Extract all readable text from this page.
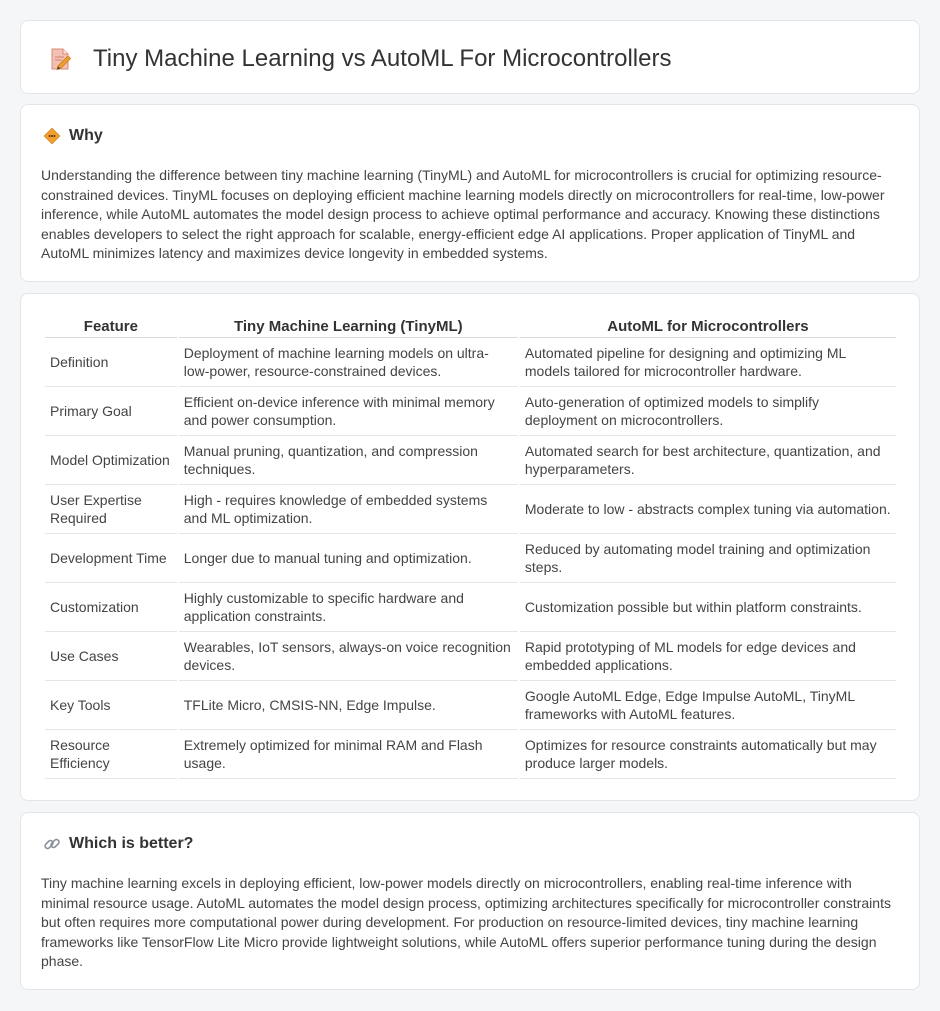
Tiny Machine Learning vs AutoML For Microcontrollers
Why

Understanding the difference between tiny machine learning (TinyML) and AutoML for microcontrollers is crucial for optimizing resource-constrained devices. TinyML focuses on deploying efficient machine learning models directly on microcontrollers for real-time, low-power inference, while AutoML automates the model design process to achieve optimal performance and accuracy. Knowing these distinctions enables developers to select the right approach for scalable, energy-efficient edge AI applications. Proper application of TinyML and AutoML minimizes latency and maximizes device longevity in embedded systems.

Feature	Tiny Machine Learning (TinyML)	AutoML for Microcontrollers
Definition	Deployment of machine learning models on ultra-low-power, resource-constrained devices.	Automated pipeline for designing and optimizing ML models tailored for microcontroller hardware.
Primary Goal	Efficient on-device inference with minimal memory and power consumption.	Auto-generation of optimized models to simplify deployment on microcontrollers.
Model Optimization	Manual pruning, quantization, and compression techniques.	Automated search for best architecture, quantization, and hyperparameters.
User Expertise Required	High - requires knowledge of embedded systems and ML optimization.	Moderate to low - abstracts complex tuning via automation.
Development Time	Longer due to manual tuning and optimization.	Reduced by automating model training and optimization steps.
Customization	Highly customizable to specific hardware and application constraints.	Customization possible but within platform constraints.
Use Cases	Wearables, IoT sensors, always-on voice recognition devices.	Rapid prototyping of ML models for edge devices and embedded applications.
Key Tools	TFLite Micro, CMSIS-NN, Edge Impulse.	Google AutoML Edge, Edge Impulse AutoML, TinyML frameworks with AutoML features.
Resource Efficiency	Extremely optimized for minimal RAM and Flash usage.	Optimizes for resource constraints automatically but may produce larger models.
Which is better?

Tiny machine learning excels in deploying efficient, low-power models directly on microcontrollers, enabling real-time inference with minimal resource usage. AutoML automates the model design process, optimizing architectures specifically for microcontroller constraints but often requires more computational power during development. For production on resource-limited devices, tiny machine learning frameworks like TensorFlow Lite Micro provide lightweight solutions, while AutoML offers superior performance tuning during the design phase.
